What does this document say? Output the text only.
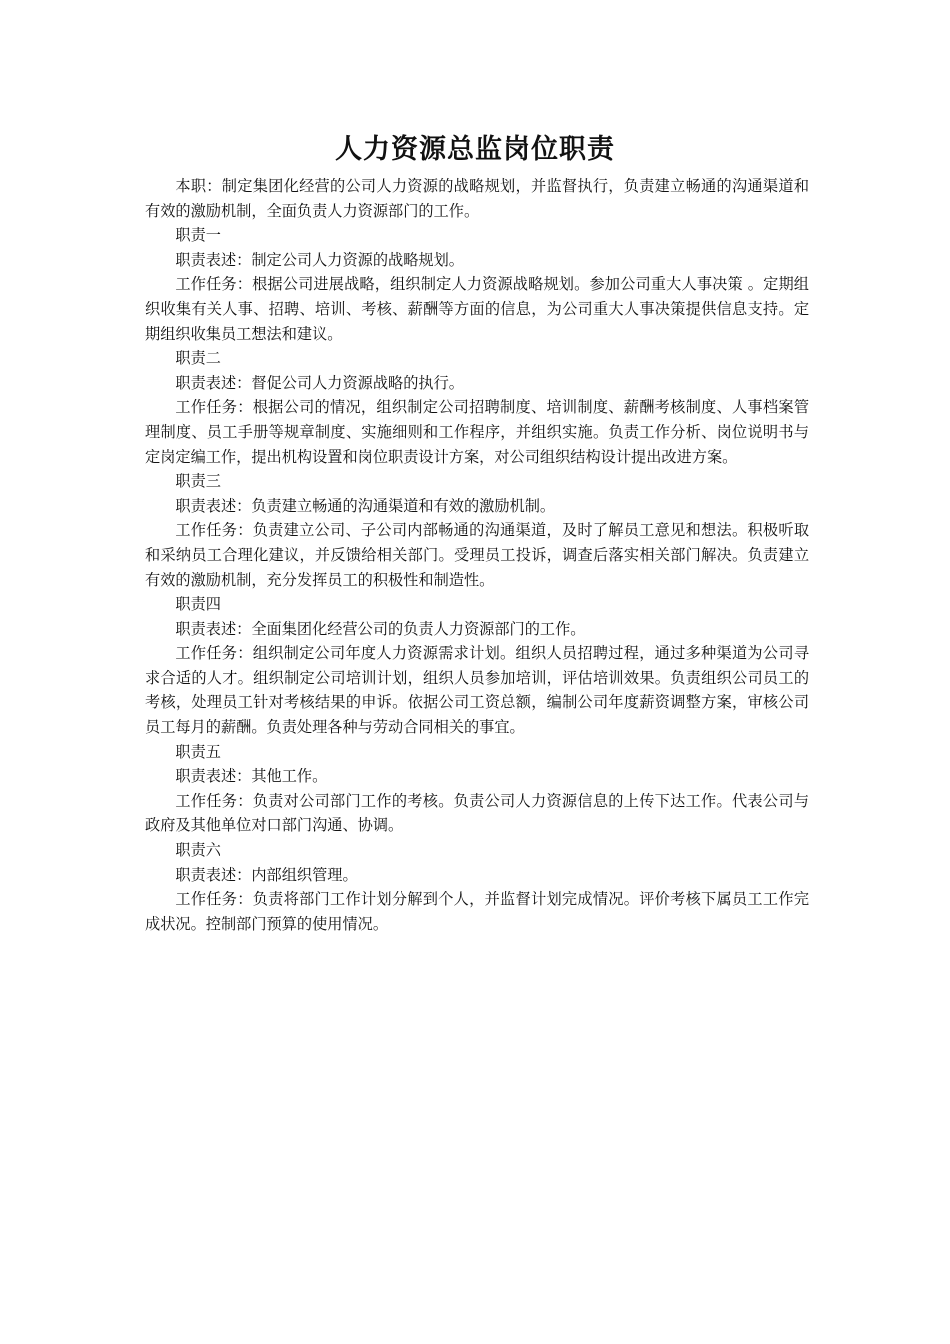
人力资源总监岗位职责

本职：制定集团化经营的公司人力资源的战略规划，并监督执行，负责建立畅通的沟通渠道和有效的激励机制，全面负责人力资源部门的工作。

职责一

职责表述：制定公司人力资源的战略规划。

工作任务：根据公司进展战略，组织制定人力资源战略规划。参加公司重大人事决策 。定期组织收集有关人事、招聘、培训、考核、薪酬等方面的信息，为公司重大人事决策提供信息支持。定期组织收集员工想法和建议。

职责二

职责表述：督促公司人力资源战略的执行。

工作任务：根据公司的情况，组织制定公司招聘制度、培训制度、薪酬考核制度、人事档案管理制度、员工手册等规章制度、实施细则和工作程序，并组织实施。负责工作分析、岗位说明书与定岗定编工作，提出机构设置和岗位职责设计方案，对公司组织结构设计提出改进方案。

职责三

职责表述：负责建立畅通的沟通渠道和有效的激励机制。

工作任务：负责建立公司、子公司内部畅通的沟通渠道，及时了解员工意见和想法。积极听取和采纳员工合理化建议，并反馈给相关部门。受理员工投诉，调查后落实相关部门解决。负责建立有效的激励机制，充分发挥员工的积极性和制造性。

职责四

职责表述：全面集团化经营公司的负责人力资源部门的工作。

工作任务：组织制定公司年度人力资源需求计划。组织人员招聘过程，通过多种渠道为公司寻求合适的人才。组织制定公司培训计划，组织人员参加培训，评估培训效果。负责组织公司员工的考核，处理员工针对考核结果的申诉。依据公司工资总额，编制公司年度薪资调整方案，审核公司员工每月的薪酬。负责处理各种与劳动合同相关的事宜。

职责五

职责表述：其他工作。

工作任务：负责对公司部门工作的考核。负责公司人力资源信息的上传下达工作。代表公司与政府及其他单位对口部门沟通、协调。

职责六

职责表述：内部组织管理。

工作任务：负责将部门工作计划分解到个人，并监督计划完成情况。评价考核下属员工工作完成状况。控制部门预算的使用情况。
